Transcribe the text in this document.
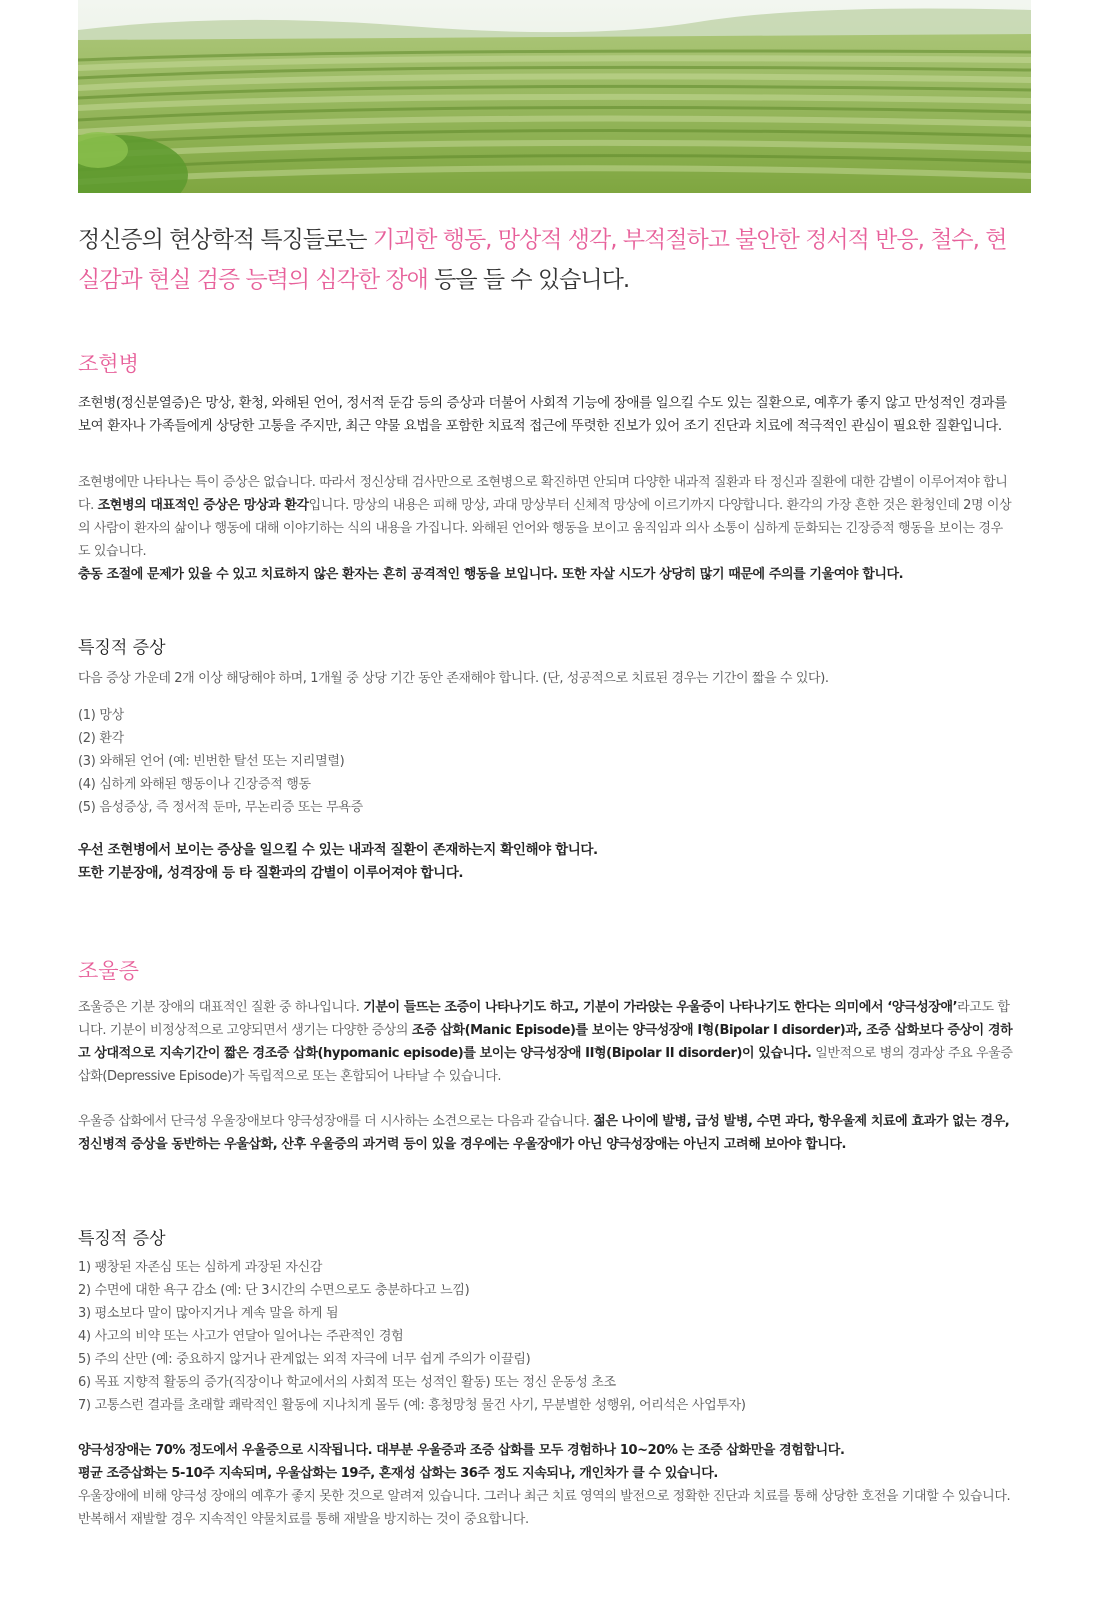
정신증의 현상학적 특징들로는 기괴한 행동, 망상적 생각, 부적절하고 불안한 정서적 반응, 철수, 현실감과 현실 검증 능력의 심각한 장애 등을 들 수 있습니다.

조현병

조현병(정신분열증)은 망상, 환청, 와해된 언어, 정서적 둔감 등의 증상과 더불어 사회적 기능에 장애를 일으킬 수도 있는 질환으로, 예후가 좋지 않고 만성적인 경과를 보여 환자나 가족들에게 상당한 고통을 주지만, 최근 약물 요법을 포함한 치료적 접근에 뚜렷한 진보가 있어 조기 진단과 치료에 적극적인 관심이 필요한 질환입니다.

조현병에만 나타나는 특이 증상은 없습니다. 따라서 정신상태 검사만으로 조현병으로 확진하면 안되며 다양한 내과적 질환과 타 정신과 질환에 대한 감별이 이루어져야 합니다. 조현병의 대표적인 증상은 망상과 환각입니다. 망상의 내용은 피해 망상, 과대 망상부터 신체적 망상에 이르기까지 다양합니다. 환각의 가장 흔한 것은 환청인데 2명 이상의 사람이 환자의 삶이나 행동에 대해 이야기하는 식의 내용을 가집니다. 와해된 언어와 행동을 보이고 움직임과 의사 소통이 심하게 둔화되는 긴장증적 행동을 보이는 경우도 있습니다.
충동 조절에 문제가 있을 수 있고 치료하지 않은 환자는 흔히 공격적인 행동을 보입니다. 또한 자살 시도가 상당히 많기 때문에 주의를 기울여야 합니다.

특징적 증상

다음 증상 가운데 2개 이상 해당해야 하며, 1개월 중 상당 기간 동안 존재해야 합니다. (단, 성공적으로 치료된 경우는 기간이 짧을 수 있다).

(1) 망상
(2) 환각
(3) 와해된 언어 (예: 빈번한 탈선 또는 지리멸렬)
(4) 심하게 와해된 행동이나 긴장증적 행동
(5) 음성증상, 즉 정서적 둔마, 무논리증 또는 무욕증

우선 조현병에서 보이는 증상을 일으킬 수 있는 내과적 질환이 존재하는지 확인해야 합니다.
또한 기분장애, 성격장애 등 타 질환과의 감별이 이루어져야 합니다.

조울증

조울증은 기분 장애의 대표적인 질환 중 하나입니다. 기분이 들뜨는 조증이 나타나기도 하고, 기분이 가라앉는 우울증이 나타나기도 한다는 의미에서 ‘양극성장애’라고도 합니다. 기분이 비정상적으로 고양되면서 생기는 다양한 증상의 조증 삽화(Manic Episode)를 보이는 양극성장애 I형(Bipolar I disorder)과, 조증 삽화보다 증상이 경하고 상대적으로 지속기간이 짧은 경조증 삽화(hypomanic episode)를 보이는 양극성장애 II형(Bipolar II disorder)이 있습니다. 일반적으로 병의 경과상 주요 우울증 삽화(Depressive Episode)가 독립적으로 또는 혼합되어 나타날 수 있습니다.

우울증 삽화에서 단극성 우울장애보다 양극성장애를 더 시사하는 소견으로는 다음과 같습니다. 젊은 나이에 발병, 급성 발병, 수면 과다, 항우울제 치료에 효과가 없는 경우, 정신병적 증상을 동반하는 우울삽화, 산후 우울증의 과거력 등이 있을 경우에는 우울장애가 아닌 양극성장애는 아닌지 고려해 보아야 합니다.

특징적 증상
1) 팽창된 자존심 또는 심하게 과장된 자신감
2) 수면에 대한 욕구 감소 (예: 단 3시간의 수면으로도 충분하다고 느낌)
3) 평소보다 말이 많아지거나 계속 말을 하게 됨
4) 사고의 비약 또는 사고가 연달아 일어나는 주관적인 경험
5) 주의 산만 (예: 중요하지 않거나 관계없는 외적 자극에 너무 쉽게 주의가 이끌림)
6) 목표 지향적 활동의 증가(직장이나 학교에서의 사회적 또는 성적인 활동) 또는 정신 운동성 초조
7) 고통스런 결과를 초래할 쾌락적인 활동에 지나치게 몰두 (예: 흥청망청 물건 사기, 무분별한 성행위, 어리석은 사업투자)

양극성장애는 70% 정도에서 우울증으로 시작됩니다. 대부분 우울증과 조증 삽화를 모두 경험하나 10~20% 는 조증 삽화만을 경험합니다.
평균 조증삽화는 5-10주 지속되며, 우울삽화는 19주, 혼재성 삽화는 36주 정도 지속되나, 개인차가 클 수 있습니다.
우울장애에 비해 양극성 장애의 예후가 좋지 못한 것으로 알려져 있습니다. 그러나 최근 치료 영역의 발전으로 정확한 진단과 치료를 통해 상당한 호전을 기대할 수 있습니다. 반복해서 재발할 경우 지속적인 약물치료를 통해 재발을 방지하는 것이 중요합니다.
